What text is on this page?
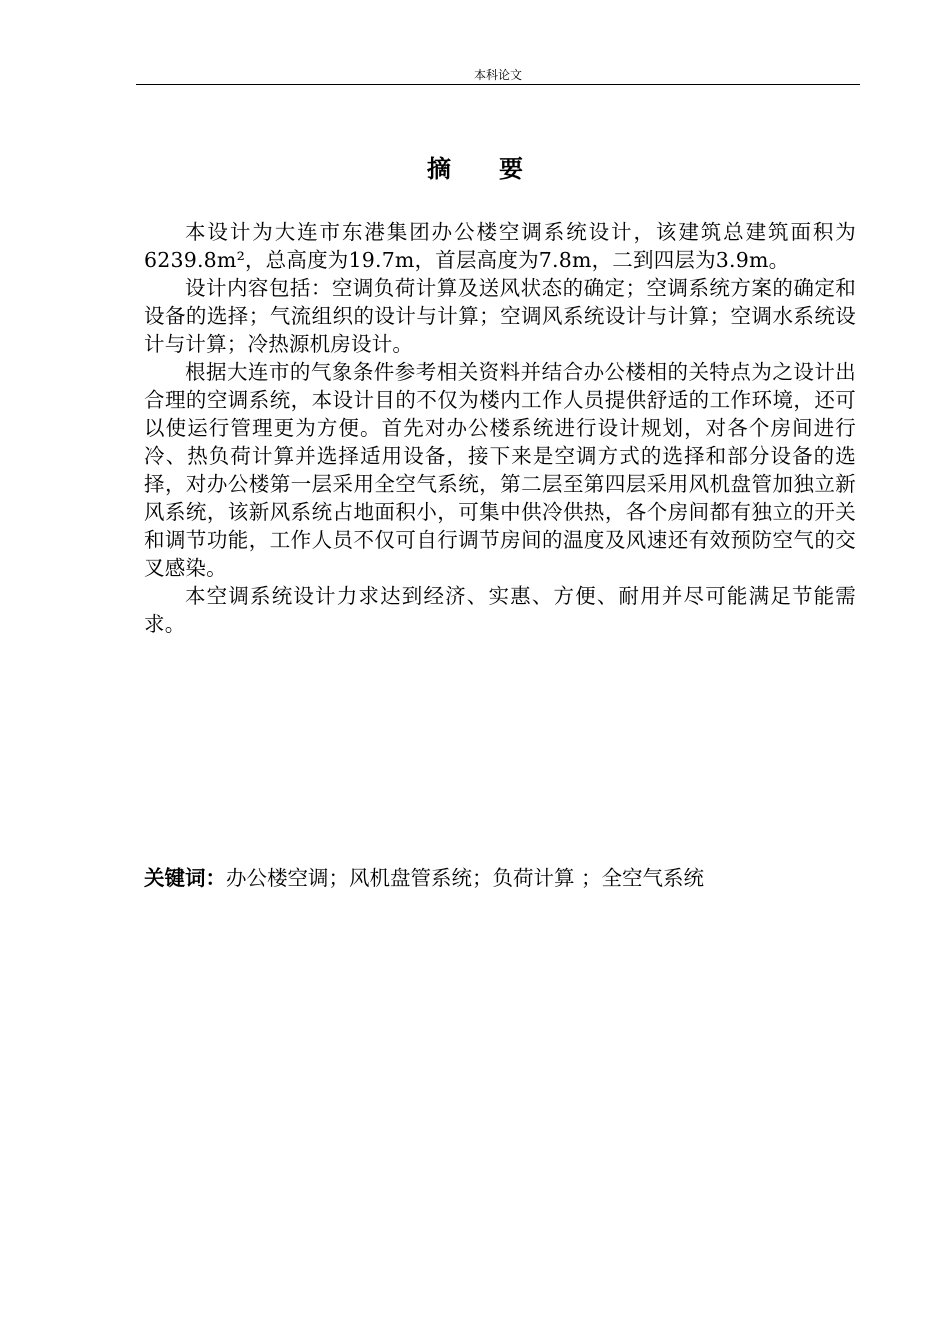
本科论文
摘 要

本设计为大连市东港集团办公楼空调系统设计，该建筑总建筑面积为6239.8m²，总高度为19.7m，首层高度为7.8m，二到四层为3.9m。

设计内容包括：空调负荷计算及送风状态的确定；空调系统方案的确定和设备的选择；气流组织的设计与计算；空调风系统设计与计算；空调水系统设计与计算；冷热源机房设计。

根据大连市的气象条件参考相关资料并结合办公楼相的关特点为之设计出合理的空调系统，本设计目的不仅为楼内工作人员提供舒适的工作环境，还可以使运行管理更为方便。首先对办公楼系统进行设计规划，对各个房间进行冷、热负荷计算并选择适用设备，接下来是空调方式的选择和部分设备的选择，对办公楼第一层采用全空气系统，第二层至第四层采用风机盘管加独立新风系统，该新风系统占地面积小，可集中供冷供热，各个房间都有独立的开关和调节功能，工作人员不仅可自行调节房间的温度及风速还有效预防空气的交叉感染。

本空调系统设计力求达到经济、实惠、方便、耐用并尽可能满足节能需求。

关键词：办公楼空调；风机盘管系统；负荷计算 ；全空气系统
